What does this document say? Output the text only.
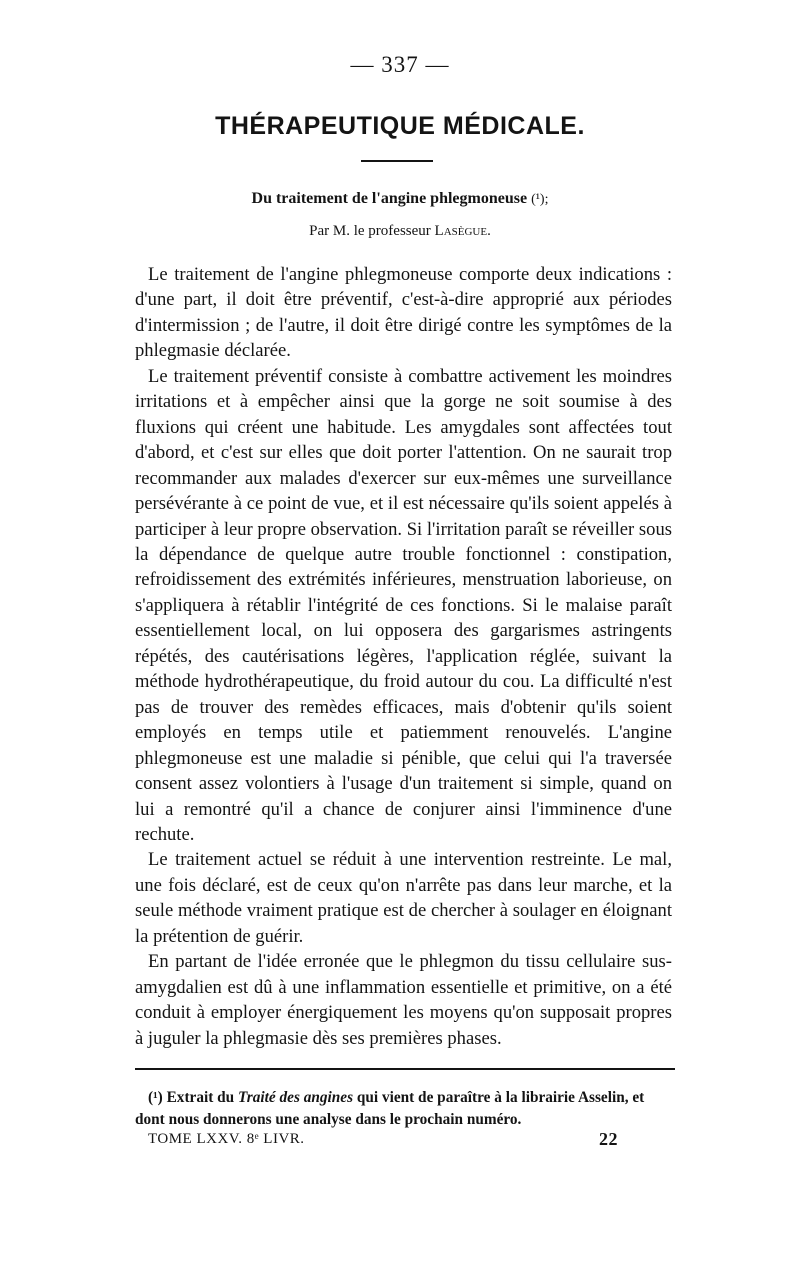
— 337 —
THÉRAPEUTIQUE MÉDICALE.
Du traitement de l'angine phlegmoneuse (¹);
Par M. le professeur Lasègue.

Le traitement de l'angine phlegmoneuse comporte deux indications : d'une part, il doit être préventif, c'est-à-dire approprié aux périodes d'intermission ; de l'autre, il doit être dirigé contre les symptômes de la phlegmasie déclarée.

Le traitement préventif consiste à combattre activement les moindres irritations et à empêcher ainsi que la gorge ne soit soumise à des fluxions qui créent une habitude. Les amygdales sont affectées tout d'abord, et c'est sur elles que doit porter l'attention. On ne saurait trop recommander aux malades d'exercer sur eux-mêmes une surveillance persévérante à ce point de vue, et il est nécessaire qu'ils soient appelés à participer à leur propre observation. Si l'irritation paraît se réveiller sous la dépendance de quelque autre trouble fonctionnel : constipation, refroidissement des extrémités inférieures, menstruation laborieuse, on s'appliquera à rétablir l'intégrité de ces fonctions. Si le malaise paraît essentiellement local, on lui opposera des gargarismes astringents répétés, des cautérisations légères, l'application réglée, suivant la méthode hydrothérapeutique, du froid autour du cou. La difficulté n'est pas de trouver des remèdes efficaces, mais d'obtenir qu'ils soient employés en temps utile et patiemment renouvelés. L'angine phlegmoneuse est une maladie si pénible, que celui qui l'a traversée consent assez volontiers à l'usage d'un traitement si simple, quand on lui a remontré qu'il a chance de conjurer ainsi l'imminence d'une rechute.

Le traitement actuel se réduit à une intervention restreinte. Le mal, une fois déclaré, est de ceux qu'on n'arrête pas dans leur marche, et la seule méthode vraiment pratique est de chercher à soulager en éloignant la prétention de guérir.

En partant de l'idée erronée que le phlegmon du tissu cellulaire sus-amygdalien est dû à une inflammation essentielle et primitive, on a été conduit à employer énergiquement les moyens qu'on supposait propres à juguler la phlegmasie dès ses premières phases.

(¹) Extrait du Traité des angines qui vient de paraître à la librairie Asselin, et dont nous donnerons une analyse dans le prochain numéro.
TOME LXXV. 8ᵉ LIVR.	22
